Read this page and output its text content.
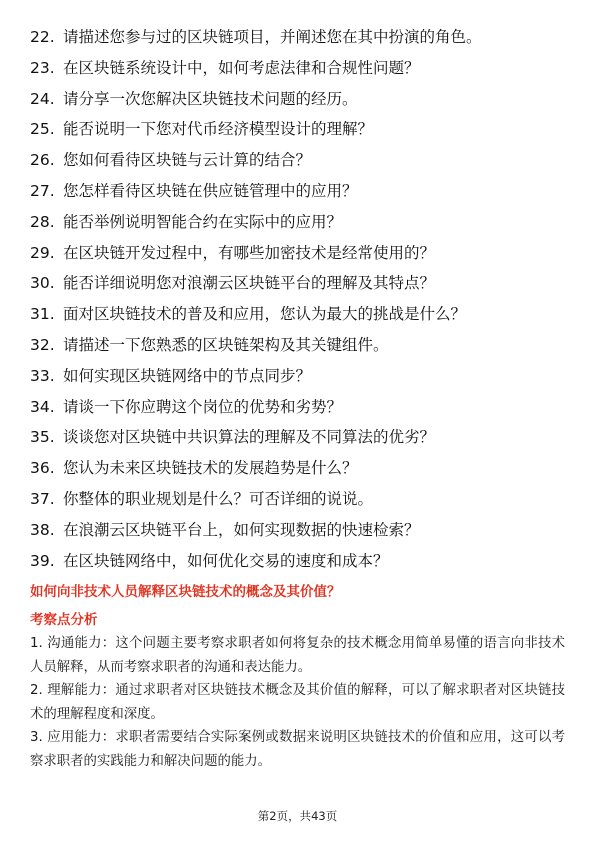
22. 请描述您参与过的区块链项目，并阐述您在其中扮演的角色。
23. 在区块链系统设计中，如何考虑法律和合规性问题？
24. 请分享一次您解决区块链技术问题的经历。
25. 能否说明一下您对代币经济模型设计的理解？
26. 您如何看待区块链与云计算的结合？
27. 您怎样看待区块链在供应链管理中的应用？
28. 能否举例说明智能合约在实际中的应用？
29. 在区块链开发过程中，有哪些加密技术是经常使用的？
30. 能否详细说明您对浪潮云区块链平台的理解及其特点？
31. 面对区块链技术的普及和应用，您认为最大的挑战是什么？
32. 请描述一下您熟悉的区块链架构及其关键组件。
33. 如何实现区块链网络中的节点同步？
34. 请谈一下你应聘这个岗位的优势和劣势？
35. 谈谈您对区块链中共识算法的理解及不同算法的优劣？
36. 您认为未来区块链技术的发展趋势是什么？
37. 你整体的职业规划是什么？可否详细的说说。
38. 在浪潮云区块链平台上，如何实现数据的快速检索？
39. 在区块链网络中，如何优化交易的速度和成本？
如何向非技术人员解释区块链技术的概念及其价值？
考察点分析
1. 沟通能力：这个问题主要考察求职者如何将复杂的技术概念用简单易懂的语言向非技术人员解释，从而考察求职者的沟通和表达能力。
2. 理解能力：通过求职者对区块链技术概念及其价值的解释，可以了解求职者对区块链技术的理解程度和深度。
3. 应用能力：求职者需要结合实际案例或数据来说明区块链技术的价值和应用，这可以考察求职者的实践能力和解决问题的能力。
第2页，共43页
